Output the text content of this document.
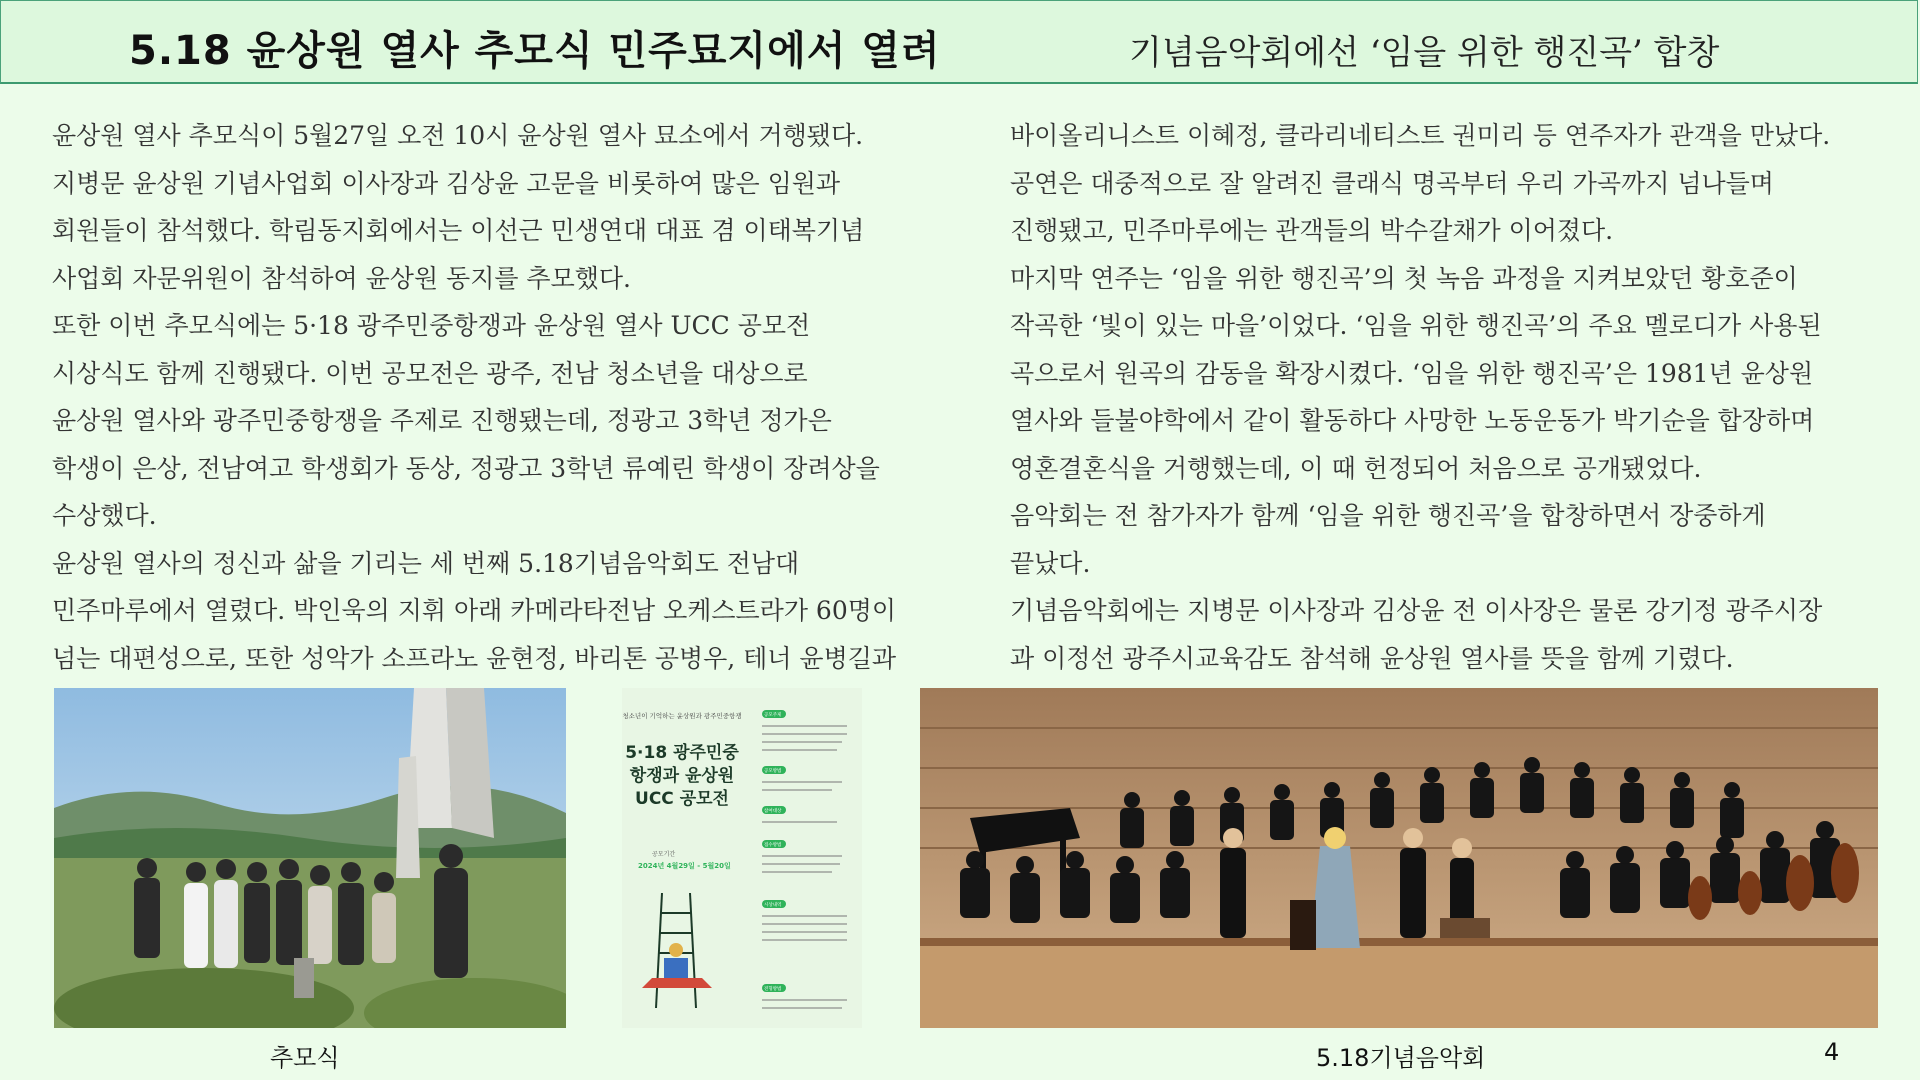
5.18 윤상원 열사 추모식 민주묘지에서 열려	기념음악회에선 ‘임을 위한 행진곡’ 합창

윤상원 열사 추모식이 5월27일 오전 10시 윤상원 열사 묘소에서 거행됐다.

지병문 윤상원 기념사업회 이사장과 김상윤 고문을 비롯하여 많은 임원과

회원들이 참석했다. 학림동지회에서는 이선근 민생연대 대표 겸 이태복기념

사업회 자문위원이 참석하여 윤상원 동지를 추모했다.

또한 이번 추모식에는 5·18 광주민중항쟁과 윤상원 열사 UCC 공모전

시상식도 함께 진행됐다. 이번 공모전은 광주, 전남 청소년을 대상으로

윤상원 열사와 광주민중항쟁을 주제로 진행됐는데, 정광고 3학년 정가은

학생이 은상, 전남여고 학생회가 동상, 정광고 3학년 류예린 학생이 장려상을

수상했다.

윤상원 열사의 정신과 삶을 기리는 세 번째 5.18기념음악회도 전남대

민주마루에서 열렸다. 박인욱의 지휘 아래 카메라타전남 오케스트라가 60명이

넘는 대편성으로, 또한 성악가 소프라노 윤현정, 바리톤 공병우, 테너 윤병길과

바이올리니스트 이혜정, 클라리네티스트 권미리 등 연주자가 관객을 만났다.

공연은 대중적으로 잘 알려진 클래식 명곡부터 우리 가곡까지 넘나들며

진행됐고, 민주마루에는 관객들의 박수갈채가 이어졌다.

마지막 연주는 ‘임을 위한 행진곡’의 첫 녹음 과정을 지켜보았던 황호준이

작곡한 ‘빛이 있는 마을’이었다. ‘임을 위한 행진곡’의 주요 멜로디가 사용된

곡으로서 원곡의 감동을 확장시켰다. ‘임을 위한 행진곡’은 1981년 윤상원

열사와 들불야학에서 같이 활동하다 사망한 노동운동가 박기순을 합장하며

영혼결혼식을 거행했는데, 이 때 헌정되어 처음으로 공개됐었다.

음악회는 전 참가자가 함께 ‘임을 위한 행진곡’을 합창하면서 장중하게

끝났다.

기념음악회에는 지병문 이사장과 김상윤 전 이사장은 물론 강기정 광주시장

과 이정선 광주시교육감도 참석해 윤상원 열사를 뜻을 함께 기렸다.

청소년이 기억하는 윤상원과 광주민중항쟁
5·18 광주민중
항쟁과 윤상원
UCC 공모전
공모기간
2024년 4월29일 - 5월20일
공모주제
공모방법
참여대상
접수방법
시상내역
전형방법
추모식	5.18기념음악회	4
